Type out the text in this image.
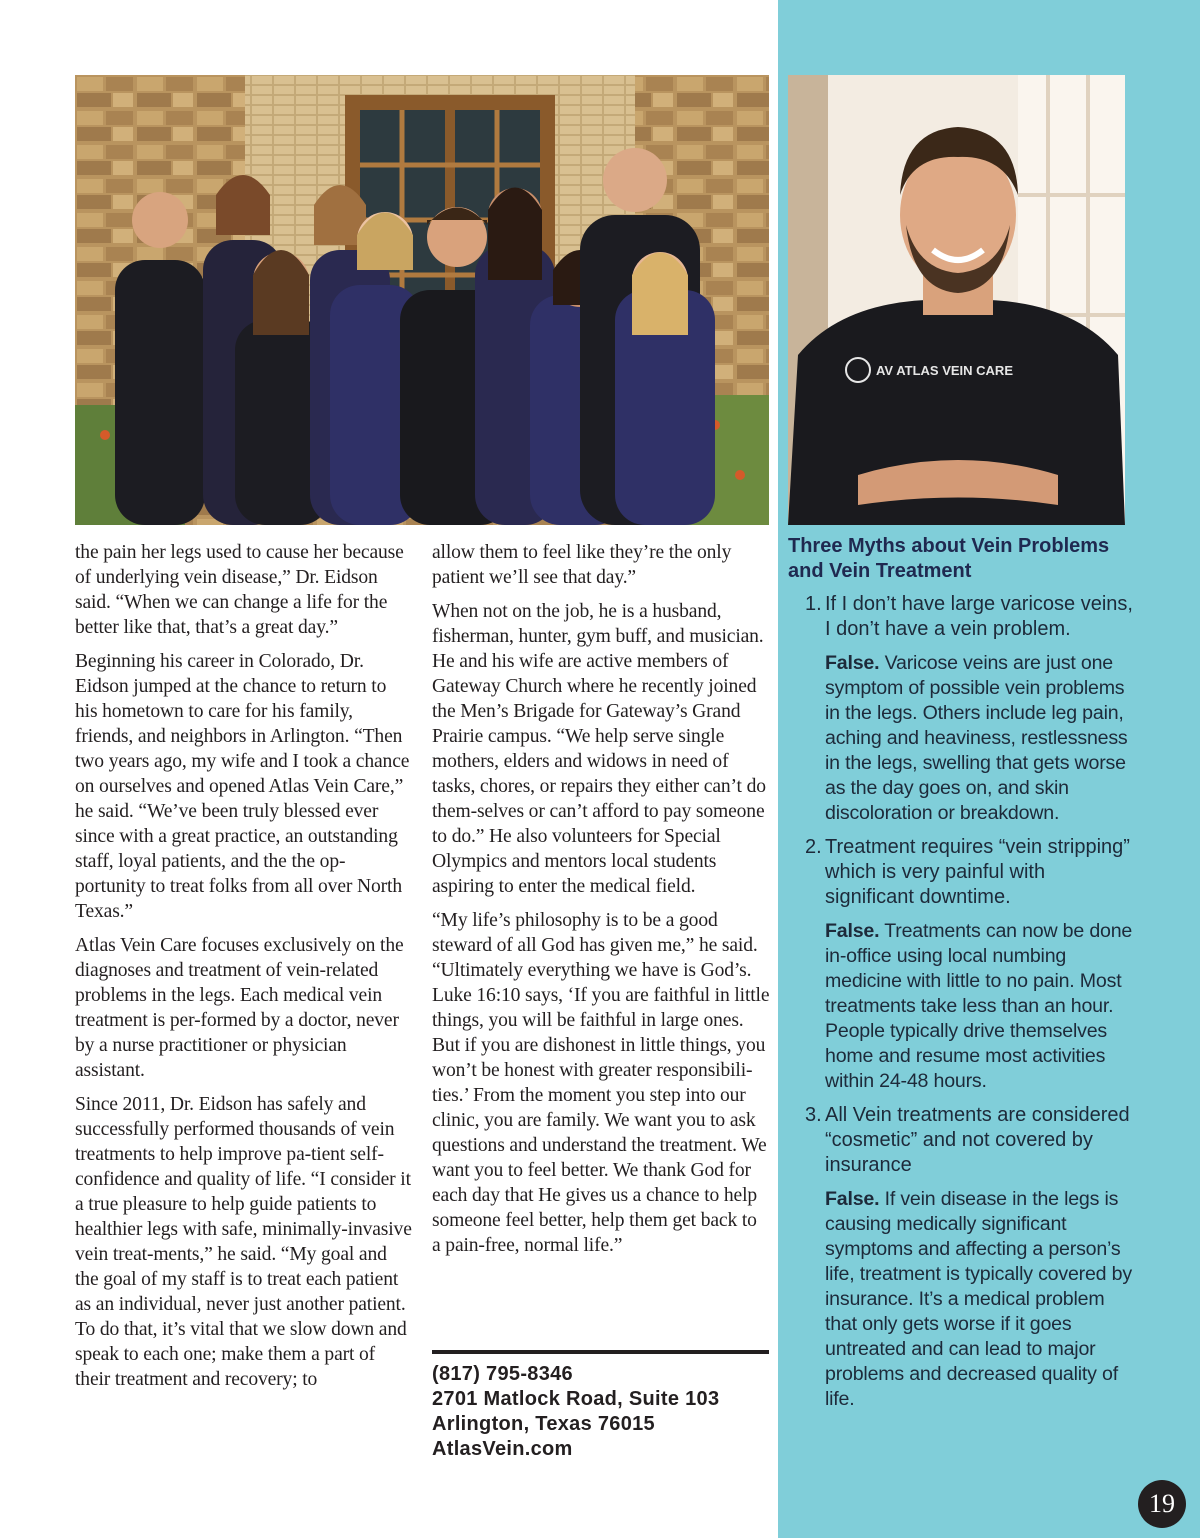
AV ATLAS VEIN CARE

the pain her legs used to cause her because of underlying vein disease,” Dr. Eidson said. “When we can change a life for the better like that, that’s a great day.”

Beginning his career in Colorado, Dr. Eidson jumped at the chance to return to his hometown to care for his family, friends, and neighbors in Arlington. “Then two years ago, my wife and I took a chance on ourselves and opened Atlas Vein Care,” he said. “We’ve been truly blessed ever since with a great practice, an outstanding staff, loyal patients, and the the op-portunity to treat folks from all over North Texas.”

Atlas Vein Care focuses exclusively on the diagnoses and treatment of vein-related problems in the legs. Each medical vein treatment is per-formed by a doctor, never by a nurse practitioner or physician assistant.

Since 2011, Dr. Eidson has safely and successfully performed thousands of vein treatments to help improve pa-tient self-confidence and quality of life. “I consider it a true pleasure to help guide patients to healthier legs with safe, minimally-invasive vein treat-ments,” he said. “My goal and the goal of my staff is to treat each patient as an individual, never just another patient. To do that, it’s vital that we slow down and speak to each one; make them a part of their treatment and recovery; to

allow them to feel like they’re the only patient we’ll see that day.”

When not on the job, he is a husband, fisherman, hunter, gym buff, and musician. He and his wife are active members of Gateway Church where he recently joined the Men’s Brigade for Gateway’s Grand Prairie campus. “We help serve single mothers, elders and widows in need of tasks, chores, or repairs they either can’t do them-selves or can’t afford to pay someone to do.” He also volunteers for Special Olympics and mentors local students aspiring to enter the medical field.

“My life’s philosophy is to be a good steward of all God has given me,” he said. “Ultimately everything we have is God’s. Luke 16:10 says, ‘If you are faithful in little things, you will be faithful in large ones. But if you are dishonest in little things, you won’t be honest with greater responsibili-ties.’ From the moment you step into our clinic, you are family. We want you to ask questions and understand the treatment. We want you to feel better. We thank God for each day that He gives us a chance to help someone feel better, help them get back to a pain-free, normal life.”

(817) 795-8346
2701 Matlock Road, Suite 103
Arlington, Texas 76015
AtlasVein.com
Three Myths about Vein Problems and Vein Treatment
1. If I don’t have large varicose veins, I don’t have a vein problem.
False. Varicose veins are just one symptom of possible vein problems in the legs. Others include leg pain, aching and heaviness, restlessness in the legs, swelling that gets worse as the day goes on, and skin discoloration or breakdown.
2. Treatment requires “vein stripping” which is very painful with significant downtime.
False. Treatments can now be done in-office using local numbing medicine with little to no pain. Most treatments take less than an hour. People typically drive themselves home and resume most activities within 24-48 hours.
3. All Vein treatments are considered “cosmetic” and not covered by insurance
False. If vein disease in the legs is causing medically significant symptoms and affecting a person’s life, treatment is typically covered by insurance. It’s a medical problem that only gets worse if it goes untreated and can lead to major problems and decreased quality of life.
19
